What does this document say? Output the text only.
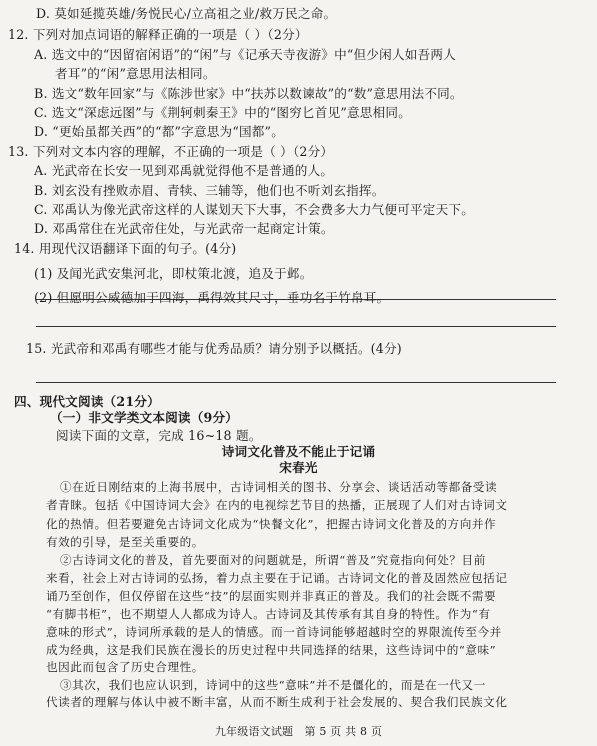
D. 莫如延揽英雄/务悦民心/立高祖之业/救万民之命。
12. 下列对加点词语的解释正确的一项是（ ）（2分）
A. 选文中的“因留宿闲语”的“闲”与《记承天寺夜游》中“但少闲人如吾两人
者耳”的“闲”意思用法相同。
B. 选文“数年回家”与《陈涉世家》中“扶苏以数谏故”的“数”意思用法不同。
C. 选文“深虑远图”与《荆轲刺秦王》中的“图穷匕首见”意思相同。
D. “更始虽都关西”的“都”字意思为“国都”。
13. 下列对文本内容的理解，不正确的一项是（ ）（2分）
A. 光武帝在长安一见到邓禹就觉得他不是普通的人。
B. 刘玄没有挫败赤眉、青犊、三辅等，他们也不听刘玄指挥。
C. 邓禹认为像光武帝这样的人谋划天下大事，不会费多大力气便可平定天下。
D. 邓禹常住在光武帝住处，与光武帝一起商定计策。
14. 用现代汉语翻译下面的句子。(4分)
(1) 及闻光武安集河北，即杖策北渡，追及于邺。
(2) 但愿明公威德加于四海，禹得效其尺寸，垂功名于竹帛耳。
15. 光武帝和邓禹有哪些才能与优秀品质？请分别予以概括。(4分)
四、现代文阅读（21分）
（一）非文学类文本阅读（9分）
阅读下面的文章，完成 16~18 题。
诗词文化普及不能止于记诵
宋春光
①在近日刚结束的上海书展中，古诗词相关的图书、分享会、谈话活动等都备受读
者青睐。包括《中国诗词大会》在内的电视综艺节目的热播，正展现了人们对古诗词文
化的热情。但若要避免古诗词文化成为“快餐文化”，把握古诗词文化普及的方向并作
有效的引导，是至关重要的。
②古诗词文化的普及，首先要面对的问题就是，所谓“普及”究竟指向何处？目前
来看，社会上对古诗词的弘扬，着力点主要在于记诵。古诗词文化的普及固然应包括记
诵乃至创作，但仅停留在这些“技”的层面实则并非真正的普及。我们的社会既不需要
“有脚书柜”，也不期望人人都成为诗人。古诗词及其传承有其自身的特性。作为“有
意味的形式”，诗词所承载的是人的情感。而一首诗词能够超越时空的界限流传至今并
成为经典，这是我们民族在漫长的历史过程中共同选择的结果，这些诗词中的“意味”
也因此而包含了历史合理性。
③其次，我们也应认识到，诗词中的这些“意味”并不是僵化的，而是在一代又一
代读者的理解与体认中被不断丰富，从而不断生成利于社会发展的、契合我们民族文化
九年级语文试题　第 5 页 共 8 页
